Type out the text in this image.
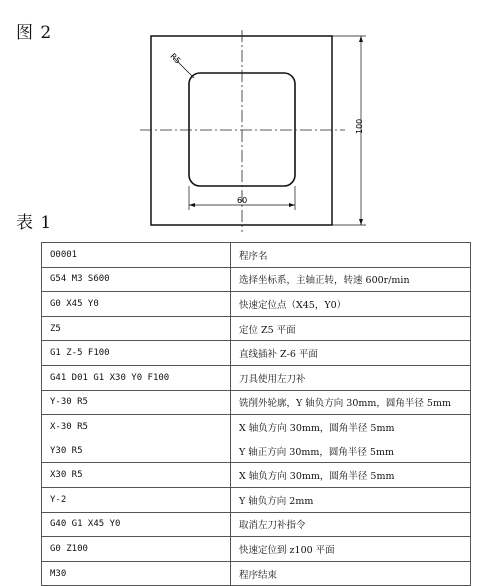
图 2
R5
100
60
表 1
O0001	程序名
G54 M3 S600	选择坐标系，主轴正转，转速 600r/min
G0 X45 Y0	快速定位点（X45，Y0）
Z5	定位 Z5 平面
G1 Z-5 F100	直线插补 Z-6 平面
G41 D01 G1 X30 Y0 F100	刀具使用左刀补
Y-30 R5	铣削外轮廓，Y 轴负方向 30mm，圆角半径 5mm
X-30 R5	X 轴负方向 30mm，圆角半径 5mm
Y30 R5	Y 轴正方向 30mm，圆角半径 5mm
X30 R5	X 轴负方向 30mm，圆角半径 5mm
Y-2	Y 轴负方向 2mm
G40 G1 X45 Y0	取消左刀补指令
G0 Z100	快速定位到 z100 平面
M30	程序结束
